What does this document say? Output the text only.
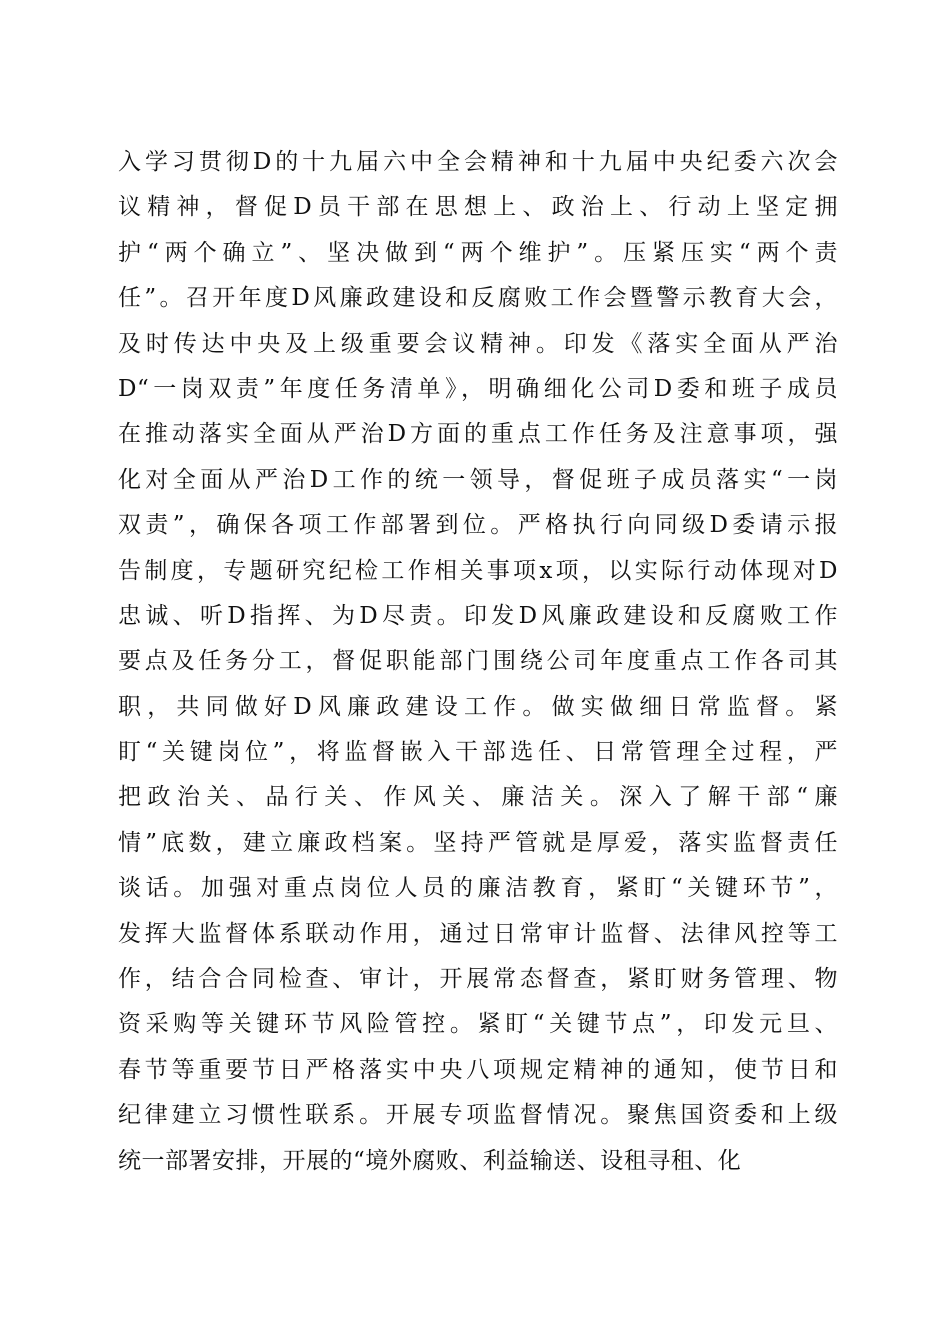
入学习贯彻D的十九届六中全会精神和十九届中央纪委六次会
议精神，督促D员干部在思想上、政治上、行动上坚定拥
护“两个确立”、坚决做到“两个维护”。压紧压实“两个责
任”。召开年度D风廉政建设和反腐败工作会暨警示教育大会，
及时传达中央及上级重要会议精神。印发《落实全面从严治
D“一岗双责”年度任务清单》，明确细化公司D委和班子成员
在推动落实全面从严治D方面的重点工作任务及注意事项，强
化对全面从严治D工作的统一领导，督促班子成员落实“一岗
双责”，确保各项工作部署到位。严格执行向同级D委请示报
告制度，专题研究纪检工作相关事项x项，以实际行动体现对D
忠诚、听D指挥、为D尽责。印发D风廉政建设和反腐败工作
要点及任务分工，督促职能部门围绕公司年度重点工作各司其
职，共同做好D风廉政建设工作。做实做细日常监督。紧
盯“关键岗位”，将监督嵌入干部选任、日常管理全过程，严
把政治关、品行关、作风关、廉洁关。深入了解干部“廉
情”底数，建立廉政档案。坚持严管就是厚爱，落实监督责任
谈话。加强对重点岗位人员的廉洁教育，紧盯“关键环节”，
发挥大监督体系联动作用，通过日常审计监督、法律风控等工
作，结合合同检查、审计，开展常态督查，紧盯财务管理、物
资采购等关键环节风险管控。紧盯“关键节点”，印发元旦、
春节等重要节日严格落实中央八项规定精神的通知，使节日和
纪律建立习惯性联系。开展专项监督情况。聚焦国资委和上级
统一部署安排，开展的“境外腐败、利益输送、设租寻租、化
